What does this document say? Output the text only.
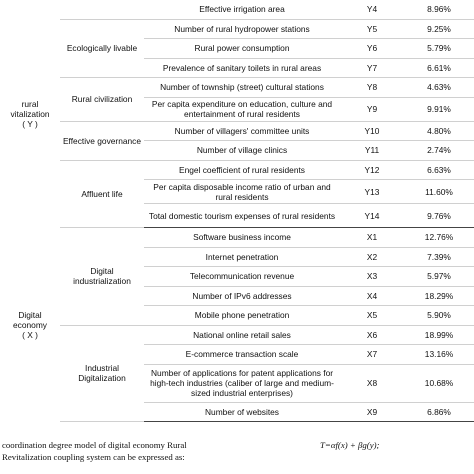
rural
vitalization
( Y )		Effective irrigation area	Y4	8.96%
	Ecologically livable	Number of rural hydropower stations	Y5	9.25%
		Rural power consumption	Y6	5.79%
		Prevalence of sanitary toilets in rural areas	Y7	6.61%
	Rural civilization	Number of township (street) cultural stations	Y8	4.63%
		Per capita expenditure on education, culture and entertainment of rural residents	Y9	9.91%
	Effective governance	Number of villagers' committee units	Y10	4.80%
		Number of village clinics	Y11	2.74%
	Affluent life	Engel coefficient of rural residents	Y12	6.63%
		Per capita disposable income ratio of urban and rural residents	Y13	11.60%
		Total domestic tourism expenses of rural residents	Y14	9.76%

Digital
economy
( X )	Digital industrialization	Software business income	X1	12.76%
		Internet penetration	X2	7.39%
		Telecommunication revenue	X3	5.97%
		Number of IPv6 addresses	X4	18.29%
		Mobile phone penetration	X5	5.90%
	Industrial Digitalization	National online retail sales	X6	18.99%
		E-commerce transaction scale	X7	13.16%
		Number of applications for patent applications for high-tech industries (caliber of large and medium-sized industrial enterprises)	X8	10.68%
		Number of websites	X9	6.86%
coordination degree model of digital economy Rural
Revitalization coupling system can be expressed as:
T=αf(x) + βg(y);
